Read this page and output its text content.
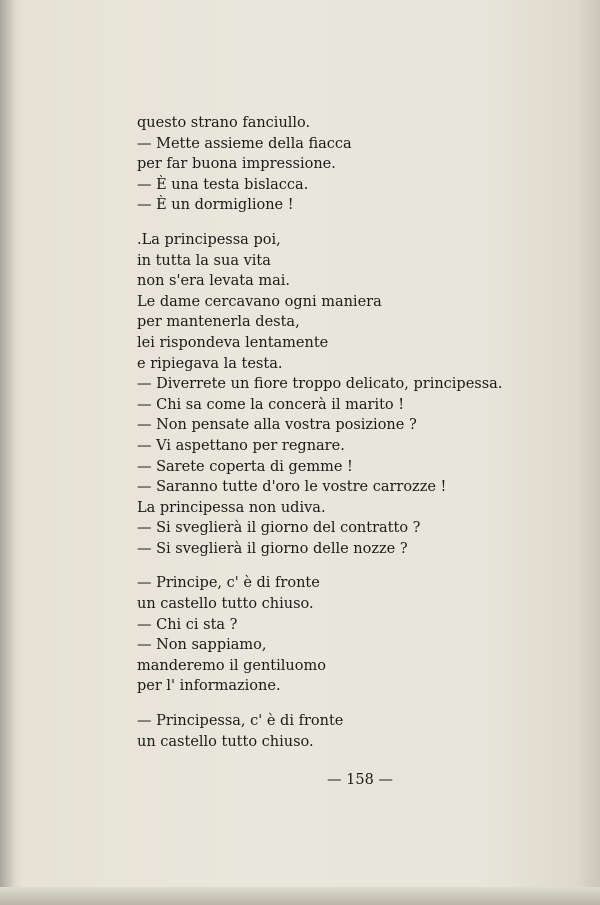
questo strano fanciullo.
— Mette assieme della fiacca
per far buona impressione.
— È una testa bislacca.
— È un dormiglione !
.La principessa poi,
in tutta la sua vita
non s'era levata mai.
Le dame cercavano ogni maniera
per mantenerla desta,
lei rispondeva lentamente
e ripiegava la testa.
— Diverrete un fiore troppo delicato, principessa.
— Chi sa come la concerà il marito !
— Non pensate alla vostra posizione ?
— Vi aspettano per regnare.
— Sarete coperta di gemme !
— Saranno tutte d'oro le vostre carrozze !
La principessa non udiva.
— Si sveglierà il giorno del contratto ?
— Si sveglierà il giorno delle nozze ?
— Principe, c' è di fronte
un castello tutto chiuso.
— Chi ci sta ?
— Non sappiamo,
manderemo il gentiluomo
per l' informazione.
— Principessa, c' è di fronte
un castello tutto chiuso.
— 158 —
